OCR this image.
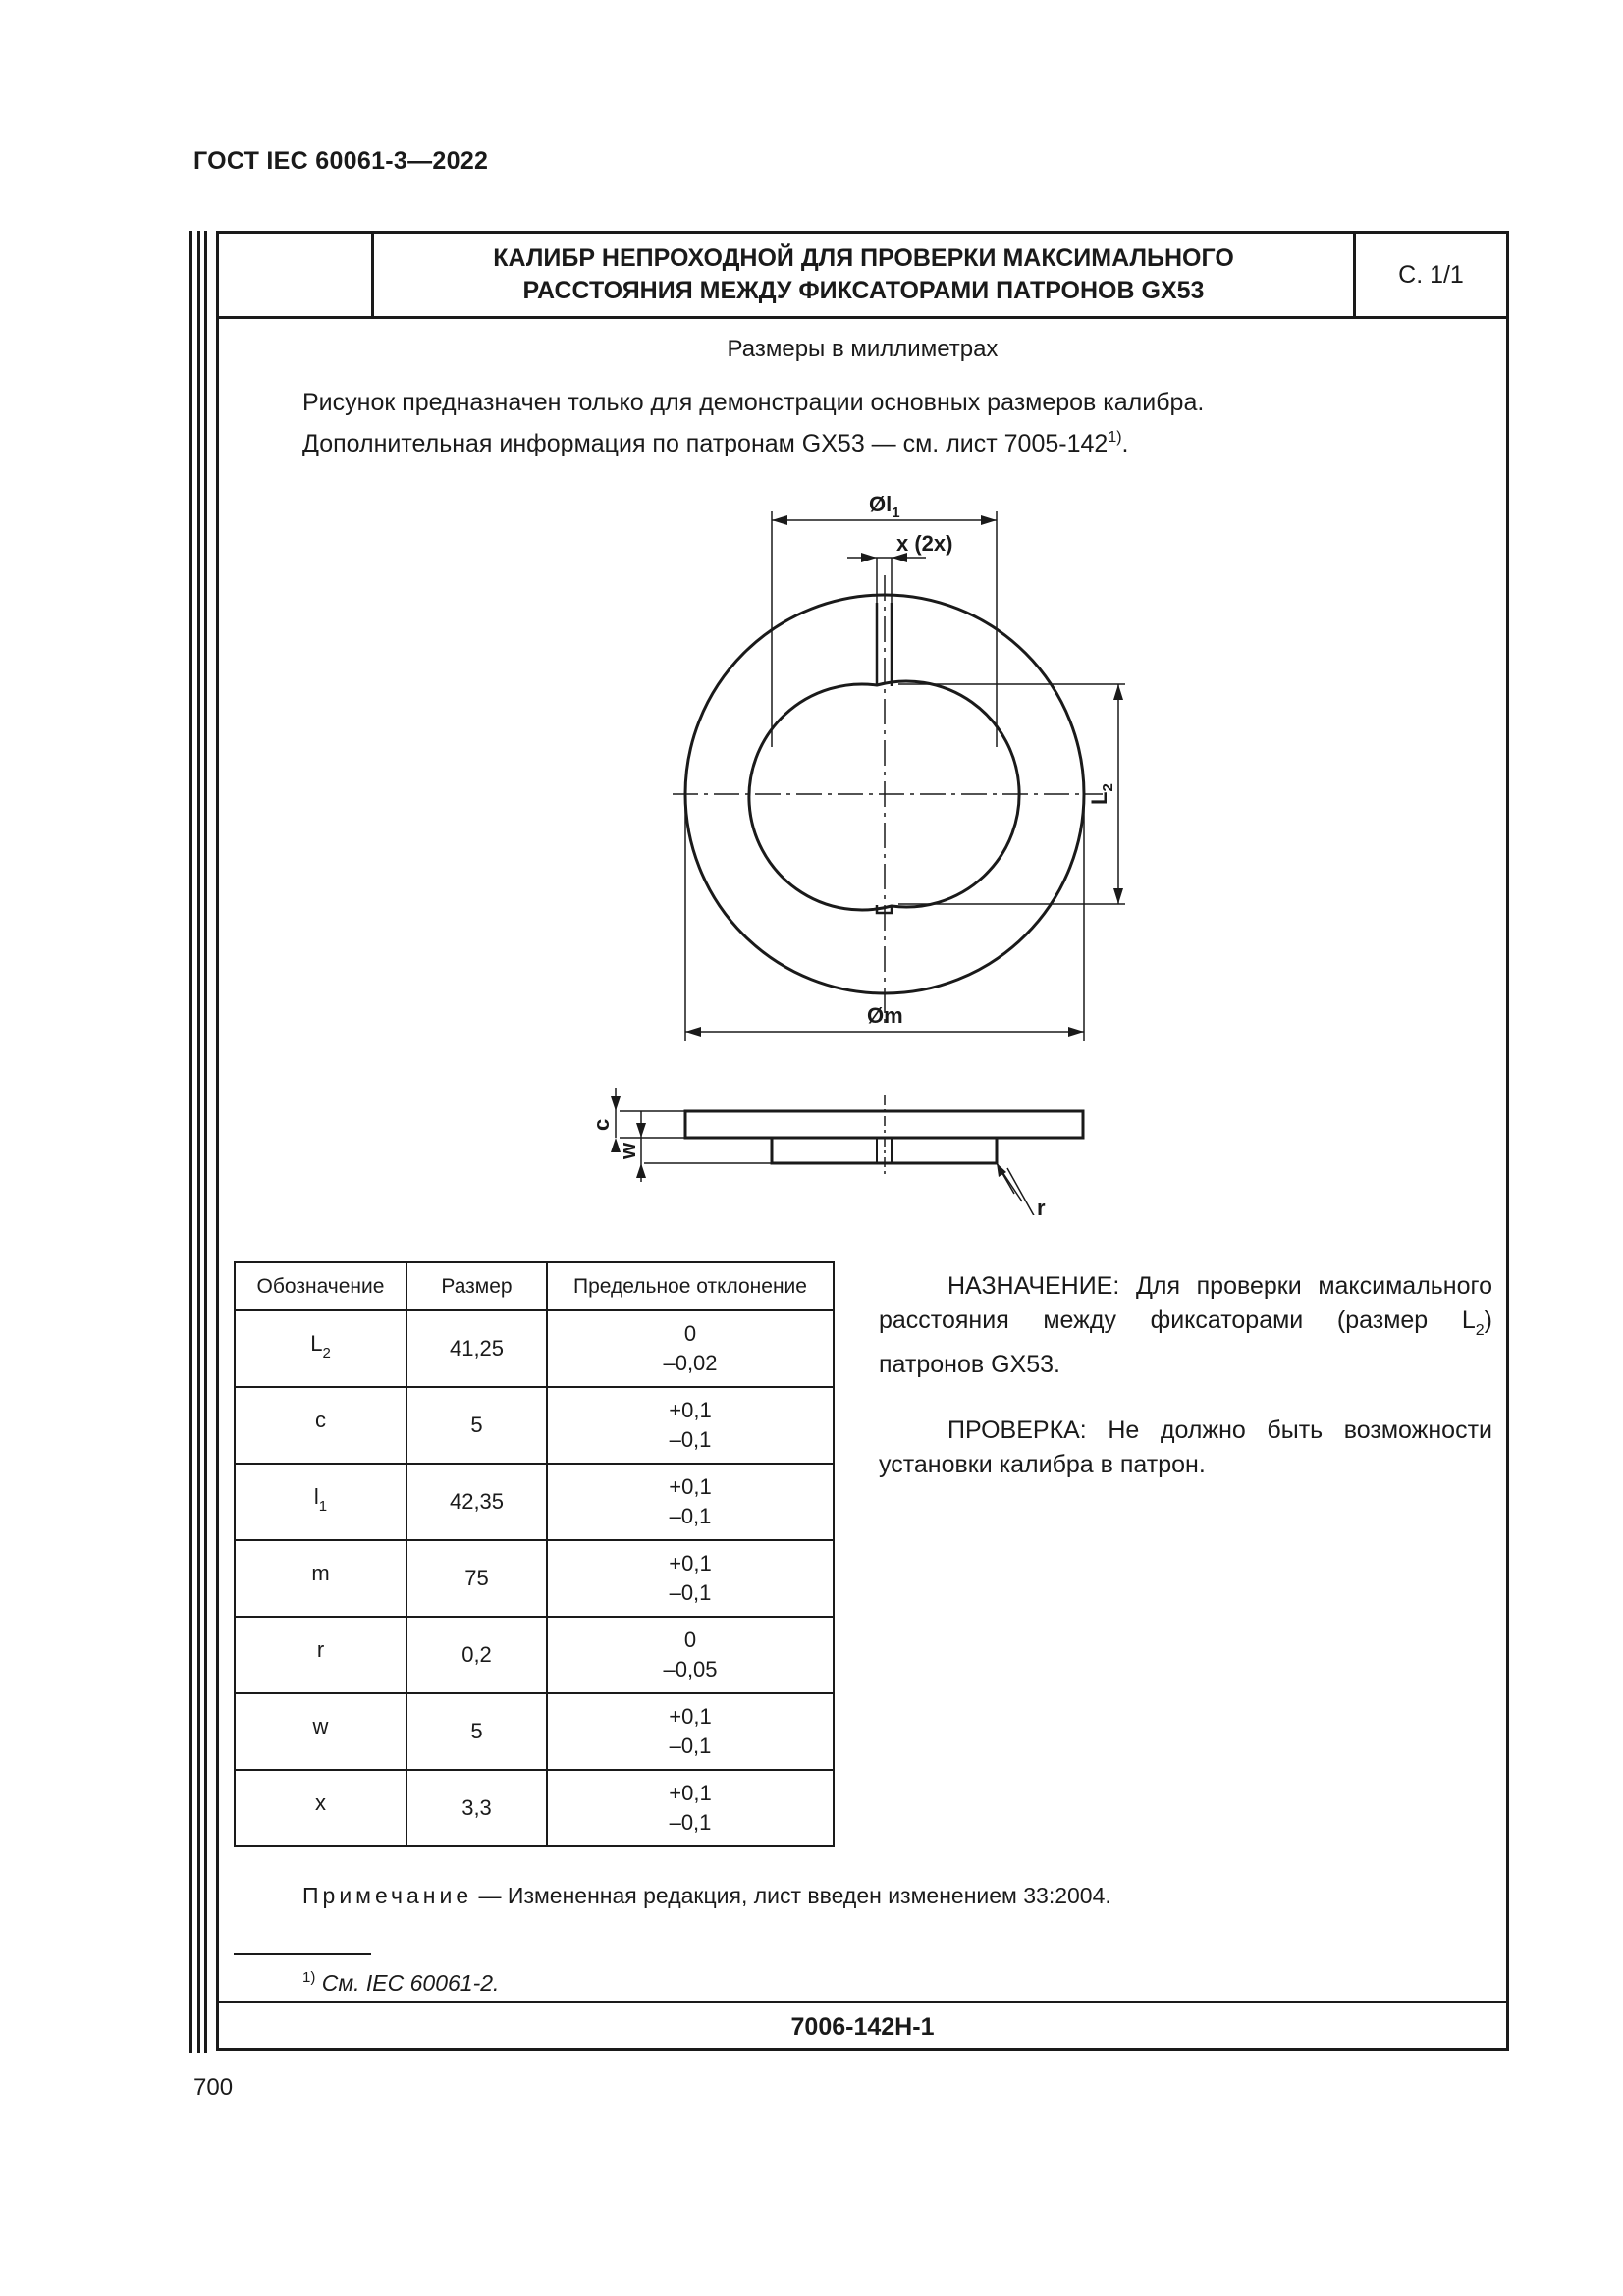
ГОСТ IEC 60061-3—2022
КАЛИБР НЕПРОХОДНОЙ ДЛЯ ПРОВЕРКИ МАКСИМАЛЬНОГО
РАССТОЯНИЯ МЕЖДУ ФИКСАТОРАМИ ПАТРОНОВ GX53
С. 1/1
Размеры в миллиметрах
Рисунок предназначен только для демонстрации основных размеров калибра.
Дополнительная информация по патронам GX53 — см. лист 7005-142$^{1)}$.
$Øl_1$
x (2x)
$L_2$
Øm
c
w
r
Обозначение	Размер	Предельное отклонение
$L_2$	41,25	0
–0,02

c	5	+0,1
–0,1

$l_1$	42,35	+0,1
–0,1

m	75	+0,1
–0,1

r	0,2	0
–0,05

w	5	+0,1
–0,1

x	3,3	+0,1
–0,1

НАЗНАЧЕНИЕ: Для проверки максимального расстояния между фиксаторами (размер $L_2$) патронов GX53.

ПРОВЕРКА: Не должно быть возможности установки калибра в патрон.

Примечание — Измененная редакция, лист введен изменением 33:2004.
$^{1)}$ См. IEC 60061-2.
7006-142H-1
700
